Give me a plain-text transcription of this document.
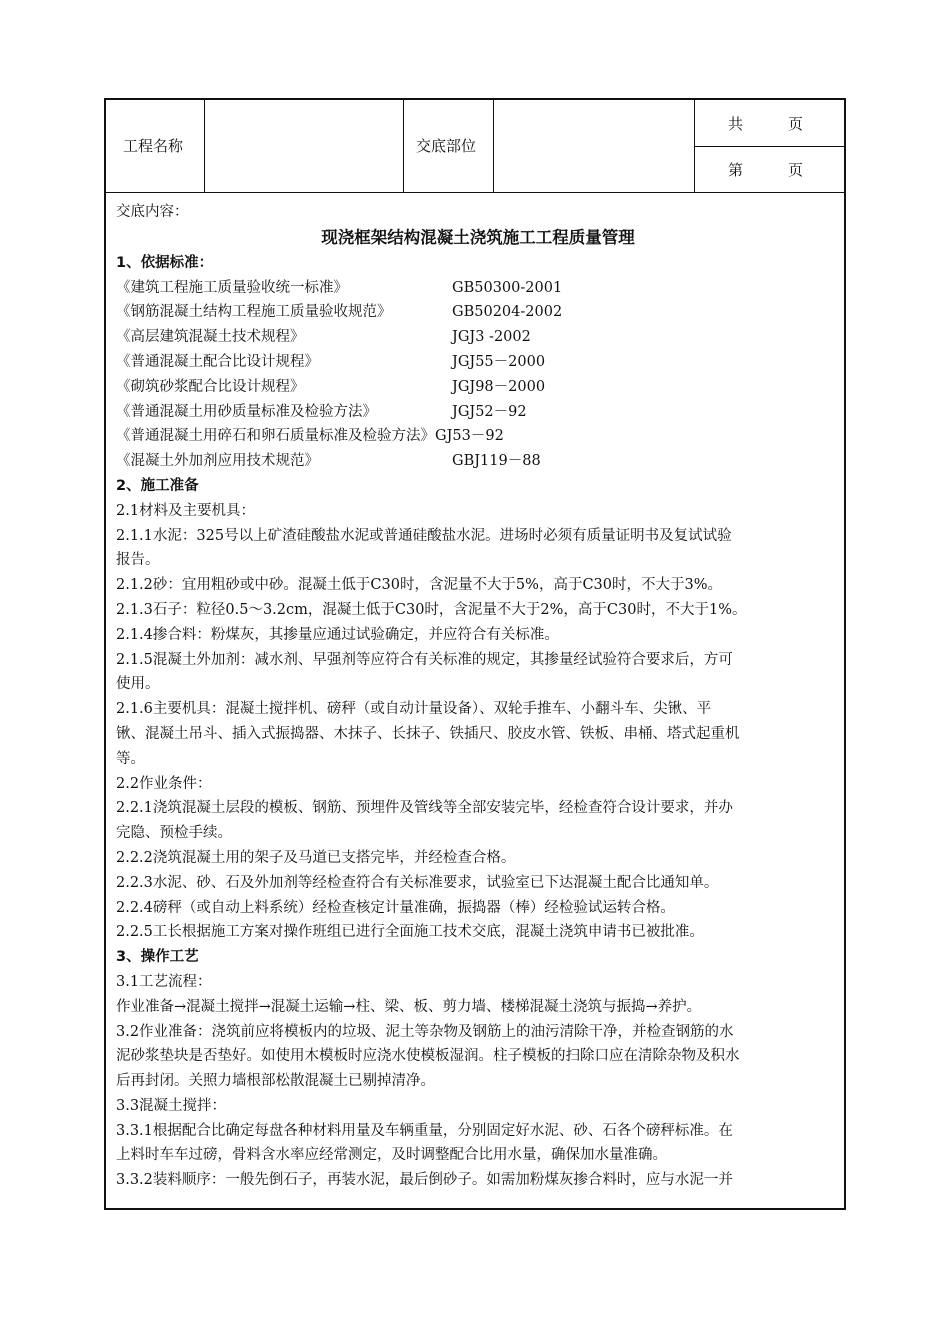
工程名称	交底部位
共　　　页
第　　　页
交底内容：
现浇框架结构混凝土浇筑施工工程质量管理
1、依据标准：
《建筑工程施工质量验收统一标准》	GB50300-2001
《钢筋混凝土结构工程施工质量验收规范》	GB50204-2002
《高层建筑混凝土技术规程》	JGJ3 -2002
《普通混凝土配合比设计规程》	JGJ55－2000
《砌筑砂浆配合比设计规程》	JGJ98－2000
《普通混凝土用砂质量标准及检验方法》	JGJ52－92
《普通混凝土用碎石和卵石质量标准及检验方法》GJ53－92
《混凝土外加剂应用技术规范》	GBJ119－88
2、施工准备
2.1材料及主要机具：
2.1.1水泥：325号以上矿渣硅酸盐水泥或普通硅酸盐水泥。进场时必须有质量证明书及复试试验
报告。
2.1.2砂：宜用粗砂或中砂。混凝土低于C30时，含泥量不大于5%，高于C30时，不大于3%。
2.1.3石子：粒径0.5～3.2cm，混凝土低于C30时，含泥量不大于2%，高于C30时，不大于1%。
2.1.4掺合料：粉煤灰，其掺量应通过试验确定，并应符合有关标准。
2.1.5混凝土外加剂：减水剂、早强剂等应符合有关标准的规定，其掺量经试验符合要求后，方可
使用。
2.1.6主要机具：混凝土搅拌机、磅秤（或自动计量设备）、双轮手推车、小翻斗车、尖锹、平
锹、混凝土吊斗、插入式振捣器、木抹子、长抹子、铁插尺、胶皮水管、铁板、串桶、塔式起重机
等。
2.2作业条件：
2.2.1浇筑混凝土层段的模板、钢筋、预埋件及管线等全部安装完毕，经检查符合设计要求，并办
完隐、预检手续。
2.2.2浇筑混凝土用的架子及马道已支搭完毕，并经检查合格。
2.2.3水泥、砂、石及外加剂等经检查符合有关标准要求，试验室已下达混凝土配合比通知单。
2.2.4磅秤（或自动上料系统）经检查核定计量准确，振捣器（棒）经检验试运转合格。
2.2.5工长根据施工方案对操作班组已进行全面施工技术交底，混凝土浇筑申请书已被批准。
3、操作工艺
3.1工艺流程：
作业准备→混凝土搅拌→混凝土运输→柱、梁、板、剪力墙、楼梯混凝土浇筑与振捣→养护。
3.2作业准备：浇筑前应将模板内的垃圾、泥土等杂物及钢筋上的油污清除干净，并检查钢筋的水
泥砂浆垫块是否垫好。如使用木模板时应浇水使模板湿润。柱子模板的扫除口应在清除杂物及积水
后再封闭。关照力墙根部松散混凝土已剔掉清净。
3.3混凝土搅拌：
3.3.1根据配合比确定每盘各种材料用量及车辆重量，分别固定好水泥、砂、石各个磅秤标准。在
上料时车车过磅，骨料含水率应经常测定，及时调整配合比用水量，确保加水量准确。
3.3.2装料顺序：一般先倒石子，再装水泥，最后倒砂子。如需加粉煤灰掺合料时，应与水泥一并
